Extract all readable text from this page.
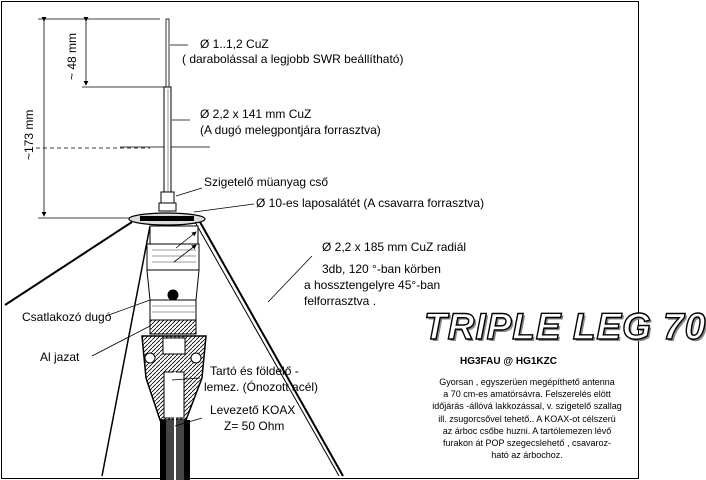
~173 mm
~ 48 mm	Ø 1..1,2 CuZ
( darabolással a legjobb SWR beállítható)
Ø 2,2 x 141 mm CuZ
(A dugó melegpontjára forrasztva)
Szigetelő müanyag cső
Ø 10-es laposalátét (A csavarra forrasztva)
Ø 2,2 x 185 mm CuZ radiál
3db, 120 °-ban körben
a hossztengelyre 45°-ban
felforrasztva .
Csatlakozó dugó
Al jazat
Tartó és földelő -
lemez. (Ónozott acél)
Levezető KOAX
Z= 50 Ohm
TRIPLE LEG 70
HG3FAU @ HG1KZC
Gyorsan , egyszerüen megépíthető antenna
a 70 cm-es amatörsávra. Felszerelés elött
időjárás -állóvá lakkozással, v. szigetelő szallag
ill. zsugorcsővel tehető.. A KOAX-ot célszerü
az árboc csőbe huzni. A tartólemezen lévő
furakon át POP szegecslehető , csavaroz-
ható az árbochoz.
